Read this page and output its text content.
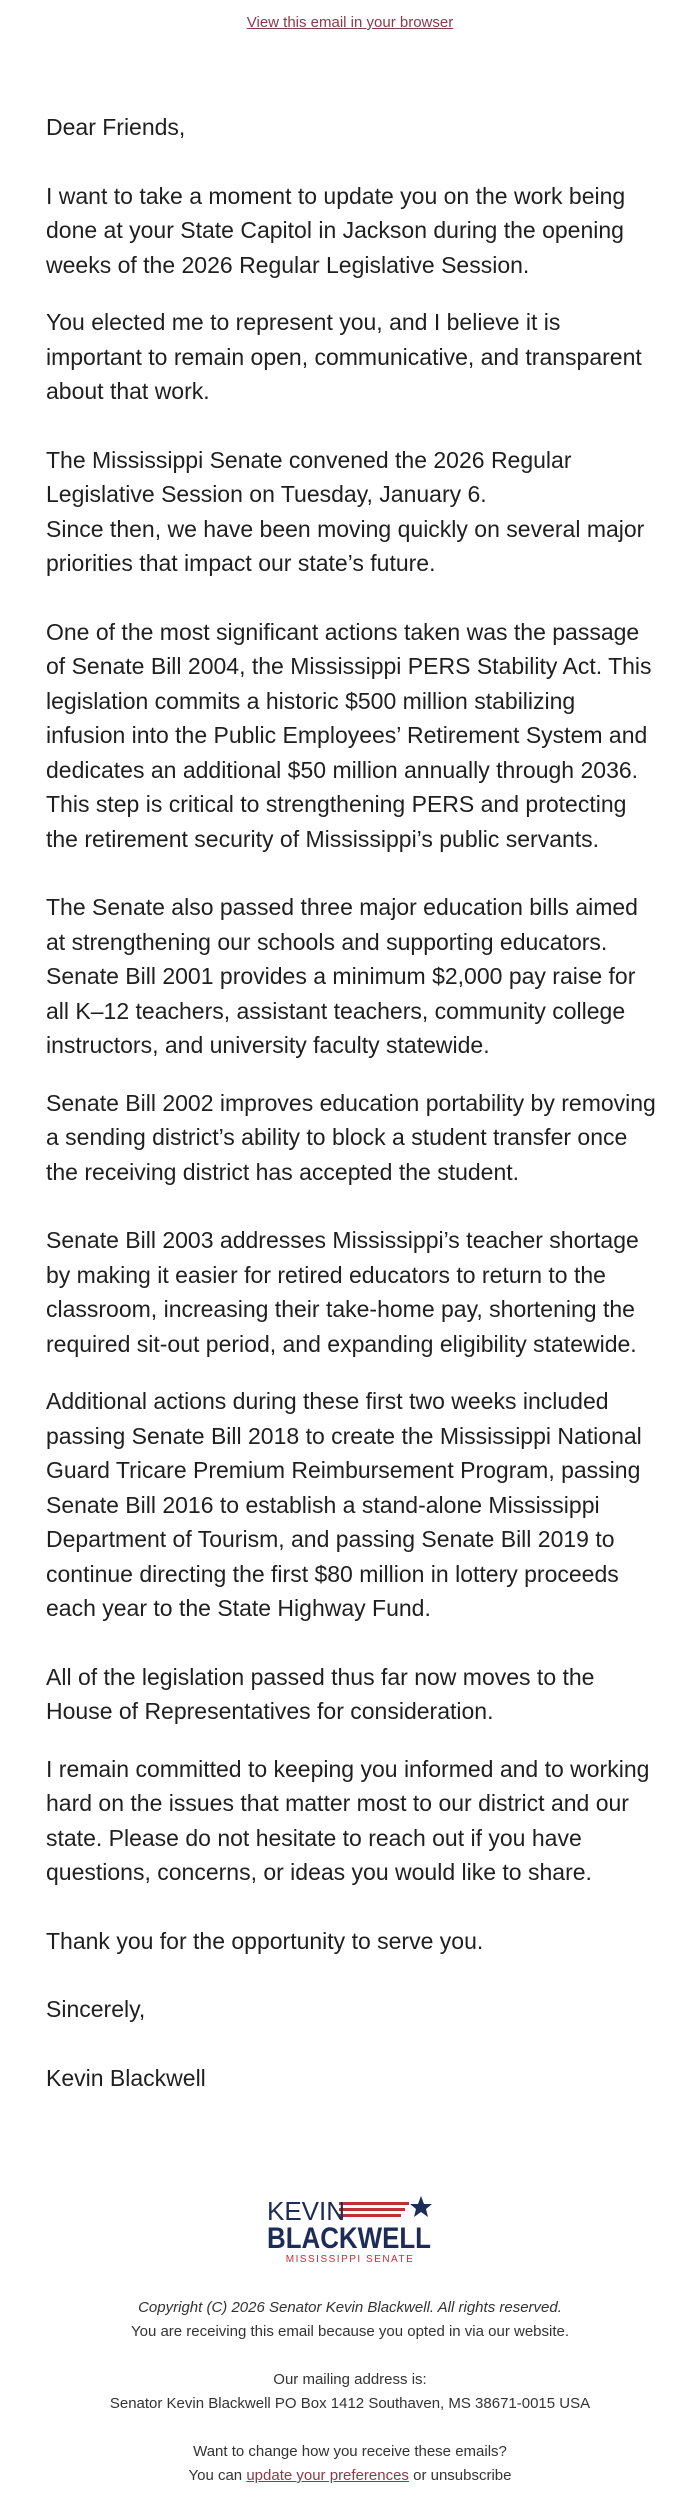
View this email in your browser

Dear Friends,

I want to take a moment to update you on the work being done at your State Capitol in Jackson during the opening weeks of the 2026 Regular Legislative Session.

You elected me to represent you, and I believe it is important to remain open, communicative, and transparent about that work.

The Mississippi Senate convened the 2026 Regular Legislative Session on Tuesday, January 6.

Since then, we have been moving quickly on several major priorities that impact our state’s future.

One of the most significant actions taken was the passage of Senate Bill 2004, the Mississippi PERS Stability Act. This legislation commits a historic $500 million stabilizing infusion into the Public Employees’ Retirement System and dedicates an additional $50 million annually through 2036. This step is critical to strengthening PERS and protecting the retirement security of Mississippi’s public servants.

The Senate also passed three major education bills aimed at strengthening our schools and supporting educators.

Senate Bill 2001 provides a minimum $2,000 pay raise for all K–12 teachers, assistant teachers, community college instructors, and university faculty statewide.

Senate Bill 2002 improves education portability by removing a sending district’s ability to block a student transfer once the receiving district has accepted the student.

Senate Bill 2003 addresses Mississippi’s teacher shortage by making it easier for retired educators to return to the classroom, increasing their take-home pay, shortening the required sit-out period, and expanding eligibility statewide.

Additional actions during these first two weeks included passing Senate Bill 2018 to create the Mississippi National Guard Tricare Premium Reimbursement Program, passing Senate Bill 2016 to establish a stand-alone Mississippi Department of Tourism, and passing Senate Bill 2019 to continue directing the first $80 million in lottery proceeds each year to the State Highway Fund.

All of the legislation passed thus far now moves to the House of Representatives for consideration.

I remain committed to keeping you informed and to working hard on the issues that matter most to our district and our state. Please do not hesitate to reach out if you have questions, concerns, or ideas you would like to share.

Thank you for the opportunity to serve you.

Sincerely,

Kevin Blackwell

KEVIN
BLACKWELL
MISSISSIPPI SENATE
Copyright (C) 2026 Senator Kevin Blackwell. All rights reserved.
You are receiving this email because you opted in via our website.
Our mailing address is:
Senator Kevin Blackwell PO Box 1412 Southaven, MS 38671-0015 USA
Want to change how you receive these emails?
You can update your preferences or unsubscribe
